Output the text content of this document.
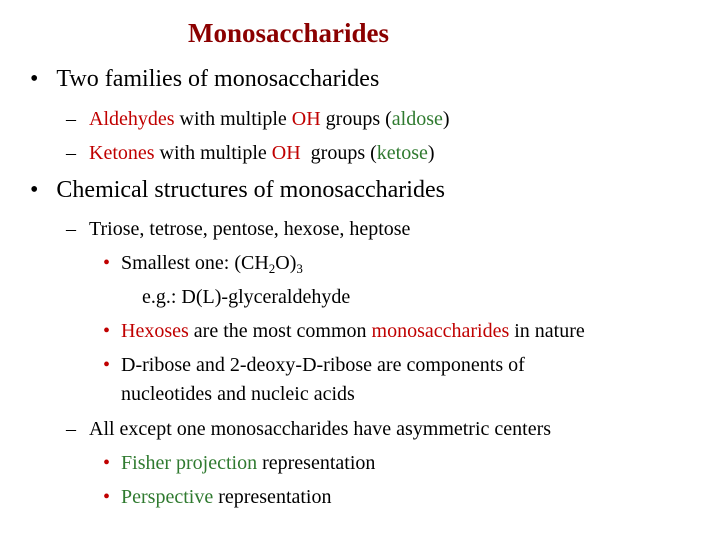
Monosaccharides
• Two families of monosaccharides
– Aldehydes with multiple OH groups (aldose)
– Ketones with multiple OH  groups (ketose)
• Chemical structures of monosaccharides
– Triose, tetrose, pentose, hexose, heptose
• Smallest one: $(CH_2O)_3$
e.g.: D(L)-glyceraldehyde
• Hexoses are the most common monosaccharides in nature
• D-ribose and 2-deoxy-D-ribose are components of
nucleotides and nucleic acids
– All except one monosaccharides have asymmetric centers
• Fisher projection representation
• Perspective representation
